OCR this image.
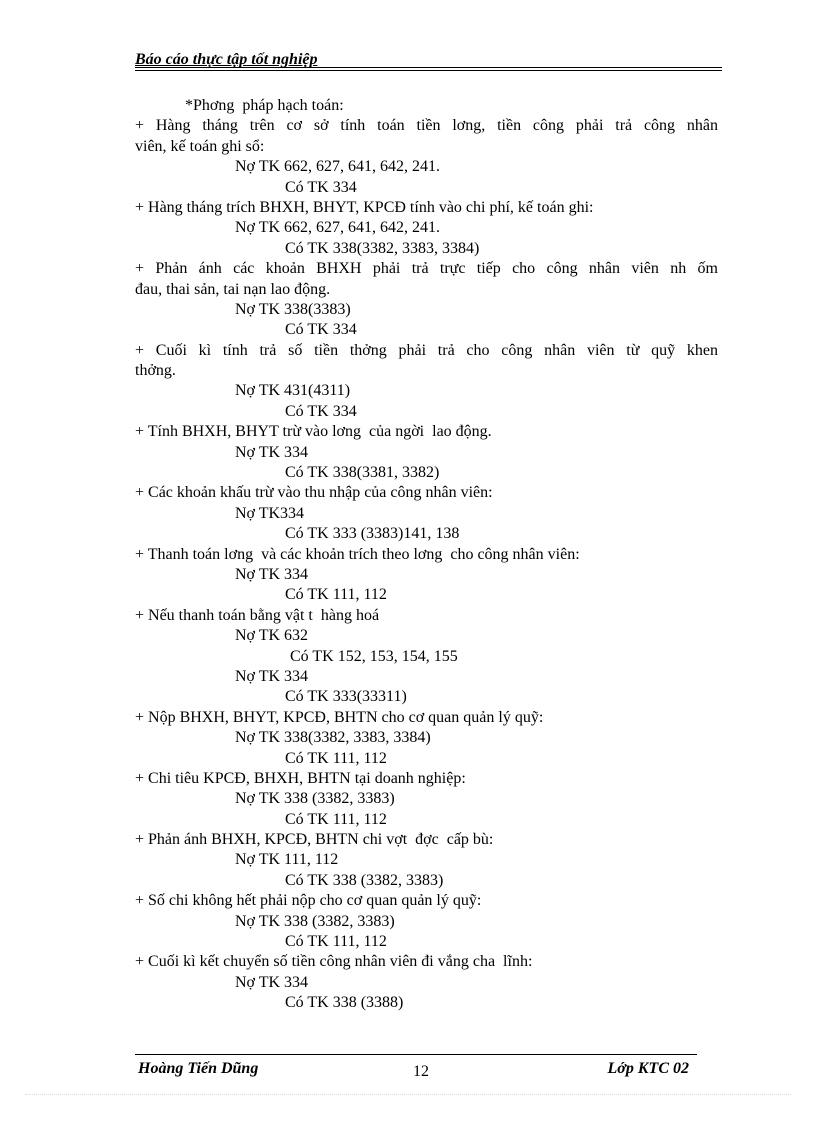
Báo cáo thực tập tốt nghiệp
*Phơng  pháp hạch toán:
+ Hàng tháng trên cơ sở tính toán tiền lơng, tiền công phải trả công nhân
viên, kế toán ghi sổ:
Nợ TK 662, 627, 641, 642, 241.
Có TK 334
+ Hàng tháng trích BHXH, BHYT, KPCĐ tính vào chi phí, kế toán ghi:
Nợ TK 662, 627, 641, 642, 241.
Có TK 338(3382, 3383, 3384)
+ Phản ánh các khoản BHXH phải trả trực tiếp cho công nhân viên nh ốm
đau, thai sản, tai nạn lao động.
Nợ TK 338(3383)
Có TK 334
+ Cuối kì tính trả số tiền thởng phải trả cho công nhân viên từ quỹ khen
thởng.
Nợ TK 431(4311)
Có TK 334
+ Tính BHXH, BHYT trừ vào lơng  của ngời  lao động.
Nợ TK 334
Có TK 338(3381, 3382)
+ Các khoản khấu trừ vào thu nhập của công nhân viên:
Nợ TK334
Có TK 333 (3383)141, 138
+ Thanh toán lơng  và các khoản trích theo lơng  cho công nhân viên:
Nợ TK 334
Có TK 111, 112
+ Nếu thanh toán bằng vật t  hàng hoá
Nợ TK 632
Có TK 152, 153, 154, 155
Nợ TK 334
Có TK 333(33311)
+ Nộp BHXH, BHYT, KPCĐ, BHTN cho cơ quan quản lý quỹ:
Nợ TK 338(3382, 3383, 3384)
Có TK 111, 112
+ Chi tiêu KPCĐ, BHXH, BHTN tại doanh nghiệp:
Nợ TK 338 (3382, 3383)
Có TK 111, 112
+ Phản ánh BHXH, KPCĐ, BHTN chi vợt  đợc  cấp bù:
Nợ TK 111, 112
Có TK 338 (3382, 3383)
+ Số chi không hết phải nộp cho cơ quan quản lý quỹ:
Nợ TK 338 (3382, 3383)
Có TK 111, 112
+ Cuối kì kết chuyển số tiền công nhân viên đi vắng cha  lĩnh:
Nợ TK 334
Có TK 338 (3388)
Hoàng Tiến Dũng	12	Lớp KTC 02
